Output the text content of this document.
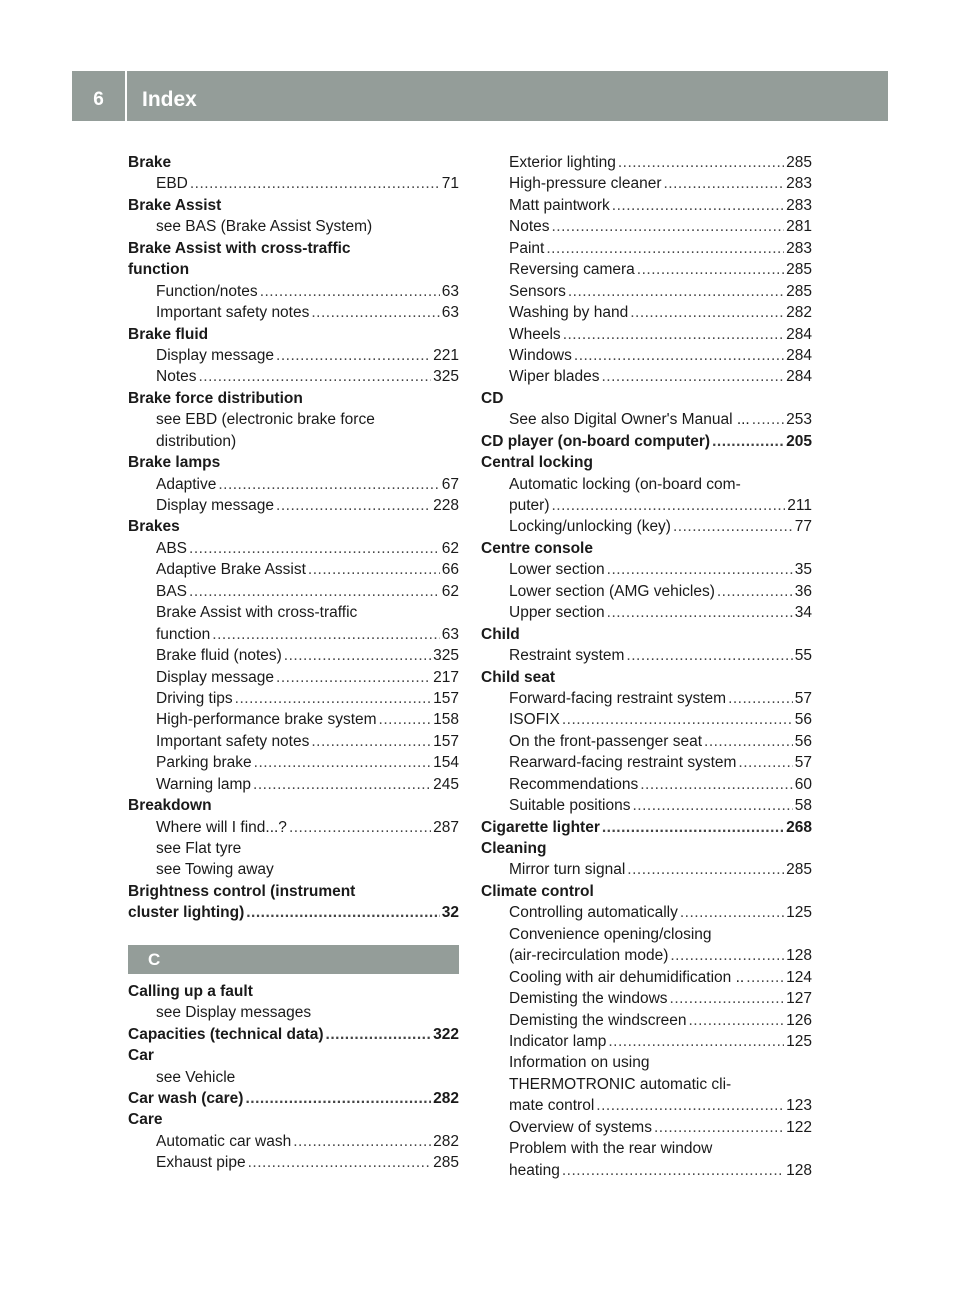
6	Index
Brake
EBD .....	71
Brake Assist
see BAS (Brake Assist System)
Brake Assist with cross-traffic
function
Function/notes .....	63
Important safety notes .....	63
Brake fluid
Display message .....	221
Notes .....	325
Brake force distribution
see EBD (electronic brake force
distribution)
Brake lamps
Adaptive .....	67
Display message .....	228
Brakes
ABS .....	62
Adaptive Brake Assist .....	66
BAS .....	62
Brake Assist with cross-traffic
function .....	63
Brake fluid (notes) .....	325
Display message .....	217
Driving tips .....	157
High-performance brake system .....	158
Important safety notes .....	157
Parking brake .....	154
Warning lamp .....	245
Breakdown
Where will I find...? .....	287
see Flat tyre
see Towing away
Brightness control (instrument
cluster lighting) .....	32
C
Calling up a fault
see Display messages
Capacities (technical data) .....	322
Car
see Vehicle
Car wash (care) .....	282
Care
Automatic car wash .....	282
Exhaust pipe .....	285
Exterior lighting .....	285
High-pressure cleaner .....	283
Matt paintwork .....	283
Notes .....	281
Paint .....	283
Reversing camera .....	285
Sensors .....	285
Washing by hand .....	282
Wheels .....	284
Windows .....	284
Wiper blades .....	284
CD
See also Digital Owner's Manual ... ..... 253
CD player (on-board computer) .....	205
Central locking
Automatic locking (on-board com-
puter) .....	211
Locking/unlocking (key) .....	77
Centre console
Lower section .....	35
Lower section (AMG vehicles) .....	36
Upper section .....	34
Child
Restraint system .....	55
Child seat
Forward-facing restraint system .....	57
ISOFIX .....	56
On the front-passenger seat .....	56
Rearward-facing restraint system .....	57
Recommendations .....	60
Suitable positions .....	58
Cigarette lighter .....	268
Cleaning
Mirror turn signal .....	285
Climate control
Controlling automatically .....	125
Convenience opening/closing
(air-recirculation mode) .....	128
Cooling with air dehumidification .. .....	124
Demisting the windows .....	127
Demisting the windscreen .....	126
Indicator lamp .....	125
Information on using
THERMOTRONIC automatic cli-
mate control .....	123
Overview of systems .....	122
Problem with the rear window
heating .....	128
